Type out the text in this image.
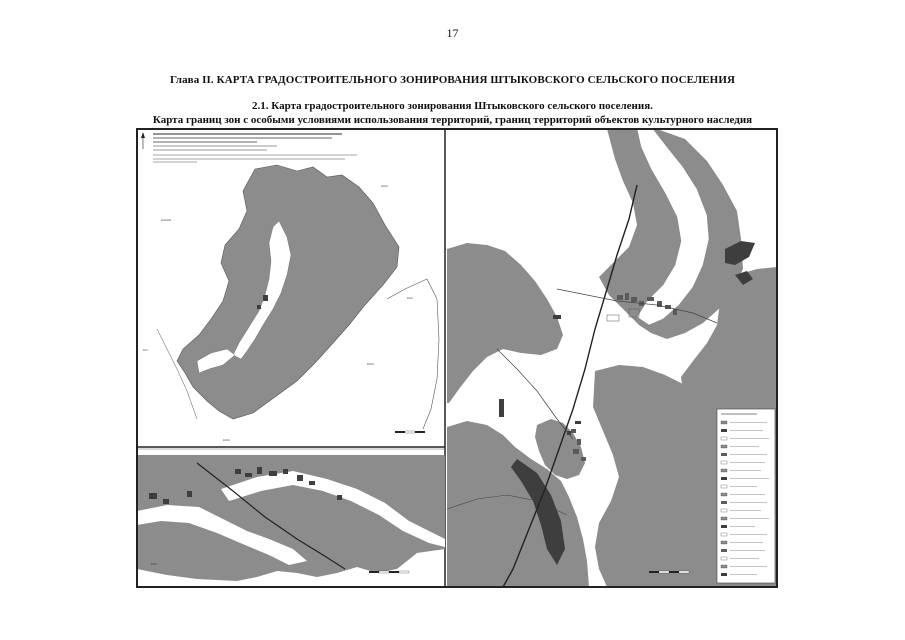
17
Глава II. КАРТА ГРАДОСТРОИТЕЛЬНОГО ЗОНИРОВАНИЯ ШТЫКОВСКОГО СЕЛЬСКОГО ПОСЕЛЕНИЯ
2.1. Карта градостроительного зонирования Штыковского сельского поселения.
Карта границ зон с особыми условиями использования территорий, границ территорий объектов культурного наследия
▪▪▪▪▪▪▪▪▪
▪▪▪▪▪▪
▪▪▪▪▪
▪▪▪▪▪▪
▪▪▪▪
▪▪▪▪▪▪
▪▪▪▪▪
